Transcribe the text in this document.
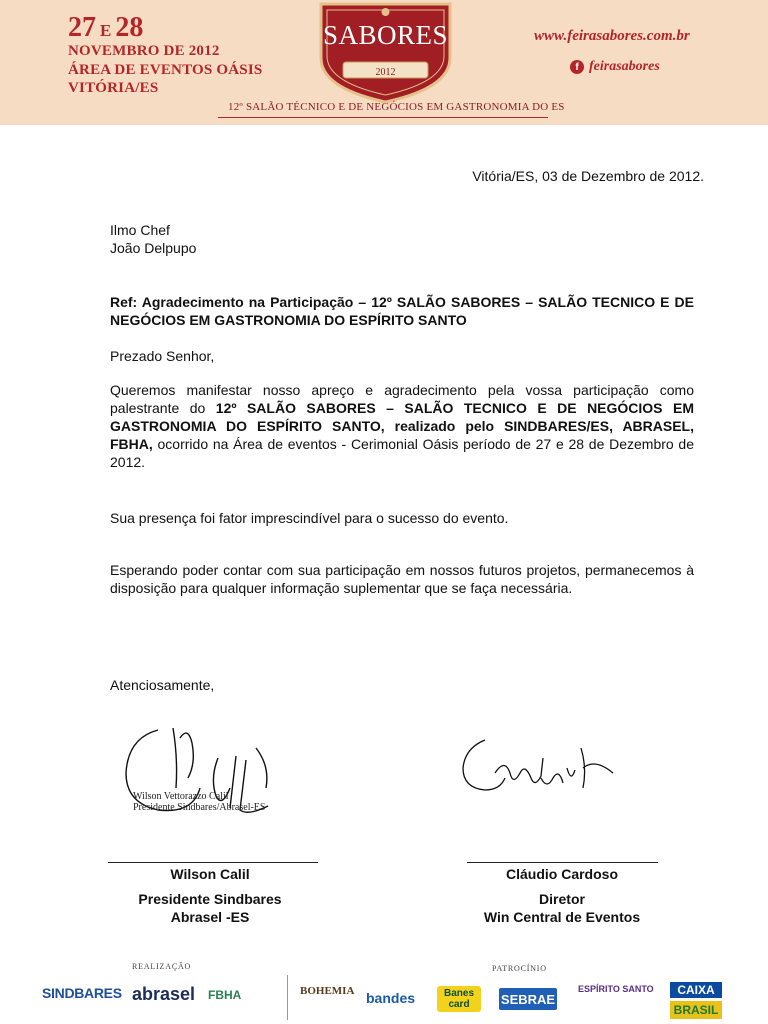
27 E 28
NOVEMBRO DE 2012
ÁREA DE EVENTOS OÁSIS
VITÓRIA/ES
SABORES
2012
12º SALÃO TÉCNICO E DE NEGÓCIOS EM GASTRONOMIA DO ES
www.feirasabores.com.br
f feirasabores
Vitória/ES, 03 de Dezembro de 2012.
Ilmo Chef
João Delpupo
Ref: Agradecimento na Participação – 12º SALÃO SABORES – SALÃO TECNICO E DE NEGÓCIOS EM GASTRONOMIA DO ESPÍRITO SANTO
Prezado Senhor,
Queremos manifestar nosso apreço e agradecimento pela vossa participação como palestrante do 12º SALÃO SABORES – SALÃO TECNICO E DE NEGÓCIOS EM GASTRONOMIA DO ESPÍRITO SANTO, realizado pelo SINDBARES/ES, ABRASEL, FBHA, ocorrido na Área de eventos - Cerimonial Oásis período de 27 e 28 de Dezembro de 2012.
Sua presença foi fator imprescindível para o sucesso do evento.
Esperando poder contar com sua participação em nossos futuros projetos, permanecemos à disposição para qualquer informação suplementar que se faça necessária.
Atenciosamente,
Wilson Vettorazzo Calil
Presidente Sindbares/Abrasel-ES
Wilson Calil
Presidente Sindbares
Abrasel -ES
Cláudio Cardoso
Diretor
Win Central de Eventos
REALIZAÇÃO	PATROCÍNIO
SINDBARES abrasel FBHA	BOHEMIA bandes	Banes card	SEBRAE
ESPÍRITO SANTO	CAIXA
BRASIL
